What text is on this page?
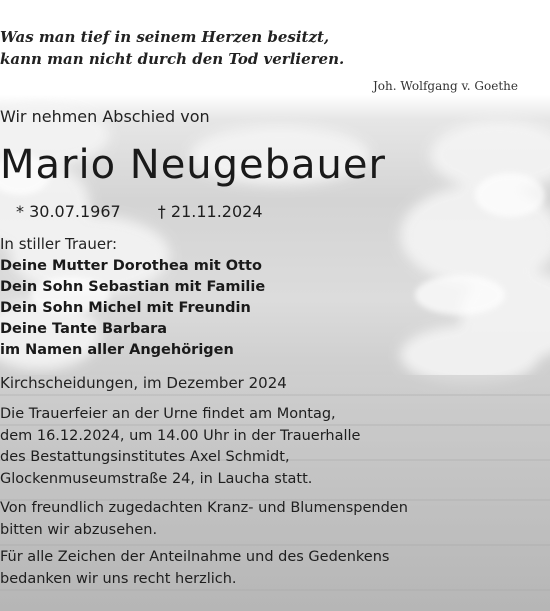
Was man tief in seinem Herzen besitzt,
kann man nicht durch den Tod verlieren.
Joh. Wolfgang v. Goethe
Wir nehmen Abschied von
Mario Neugebauer
* 30.07.1967 † 21.11.2024
In stiller Trauer:
Deine Mutter Dorothea mit Otto
Dein Sohn Sebastian mit Familie
Dein Sohn Michel mit Freundin
Deine Tante Barbara
im Namen aller Angehörigen
Kirchscheidungen, im Dezember 2024
Die Trauerfeier an der Urne findet am Montag,
dem 16.12.2024, um 14.00 Uhr in der Trauerhalle
des Bestattungsinstitutes Axel Schmidt,
Glockenmuseumstraße 24, in Laucha statt.
Von freundlich zugedachten Kranz- und Blumenspenden
bitten wir abzusehen.
Für alle Zeichen der Anteilnahme und des Gedenkens
bedanken wir uns recht herzlich.
